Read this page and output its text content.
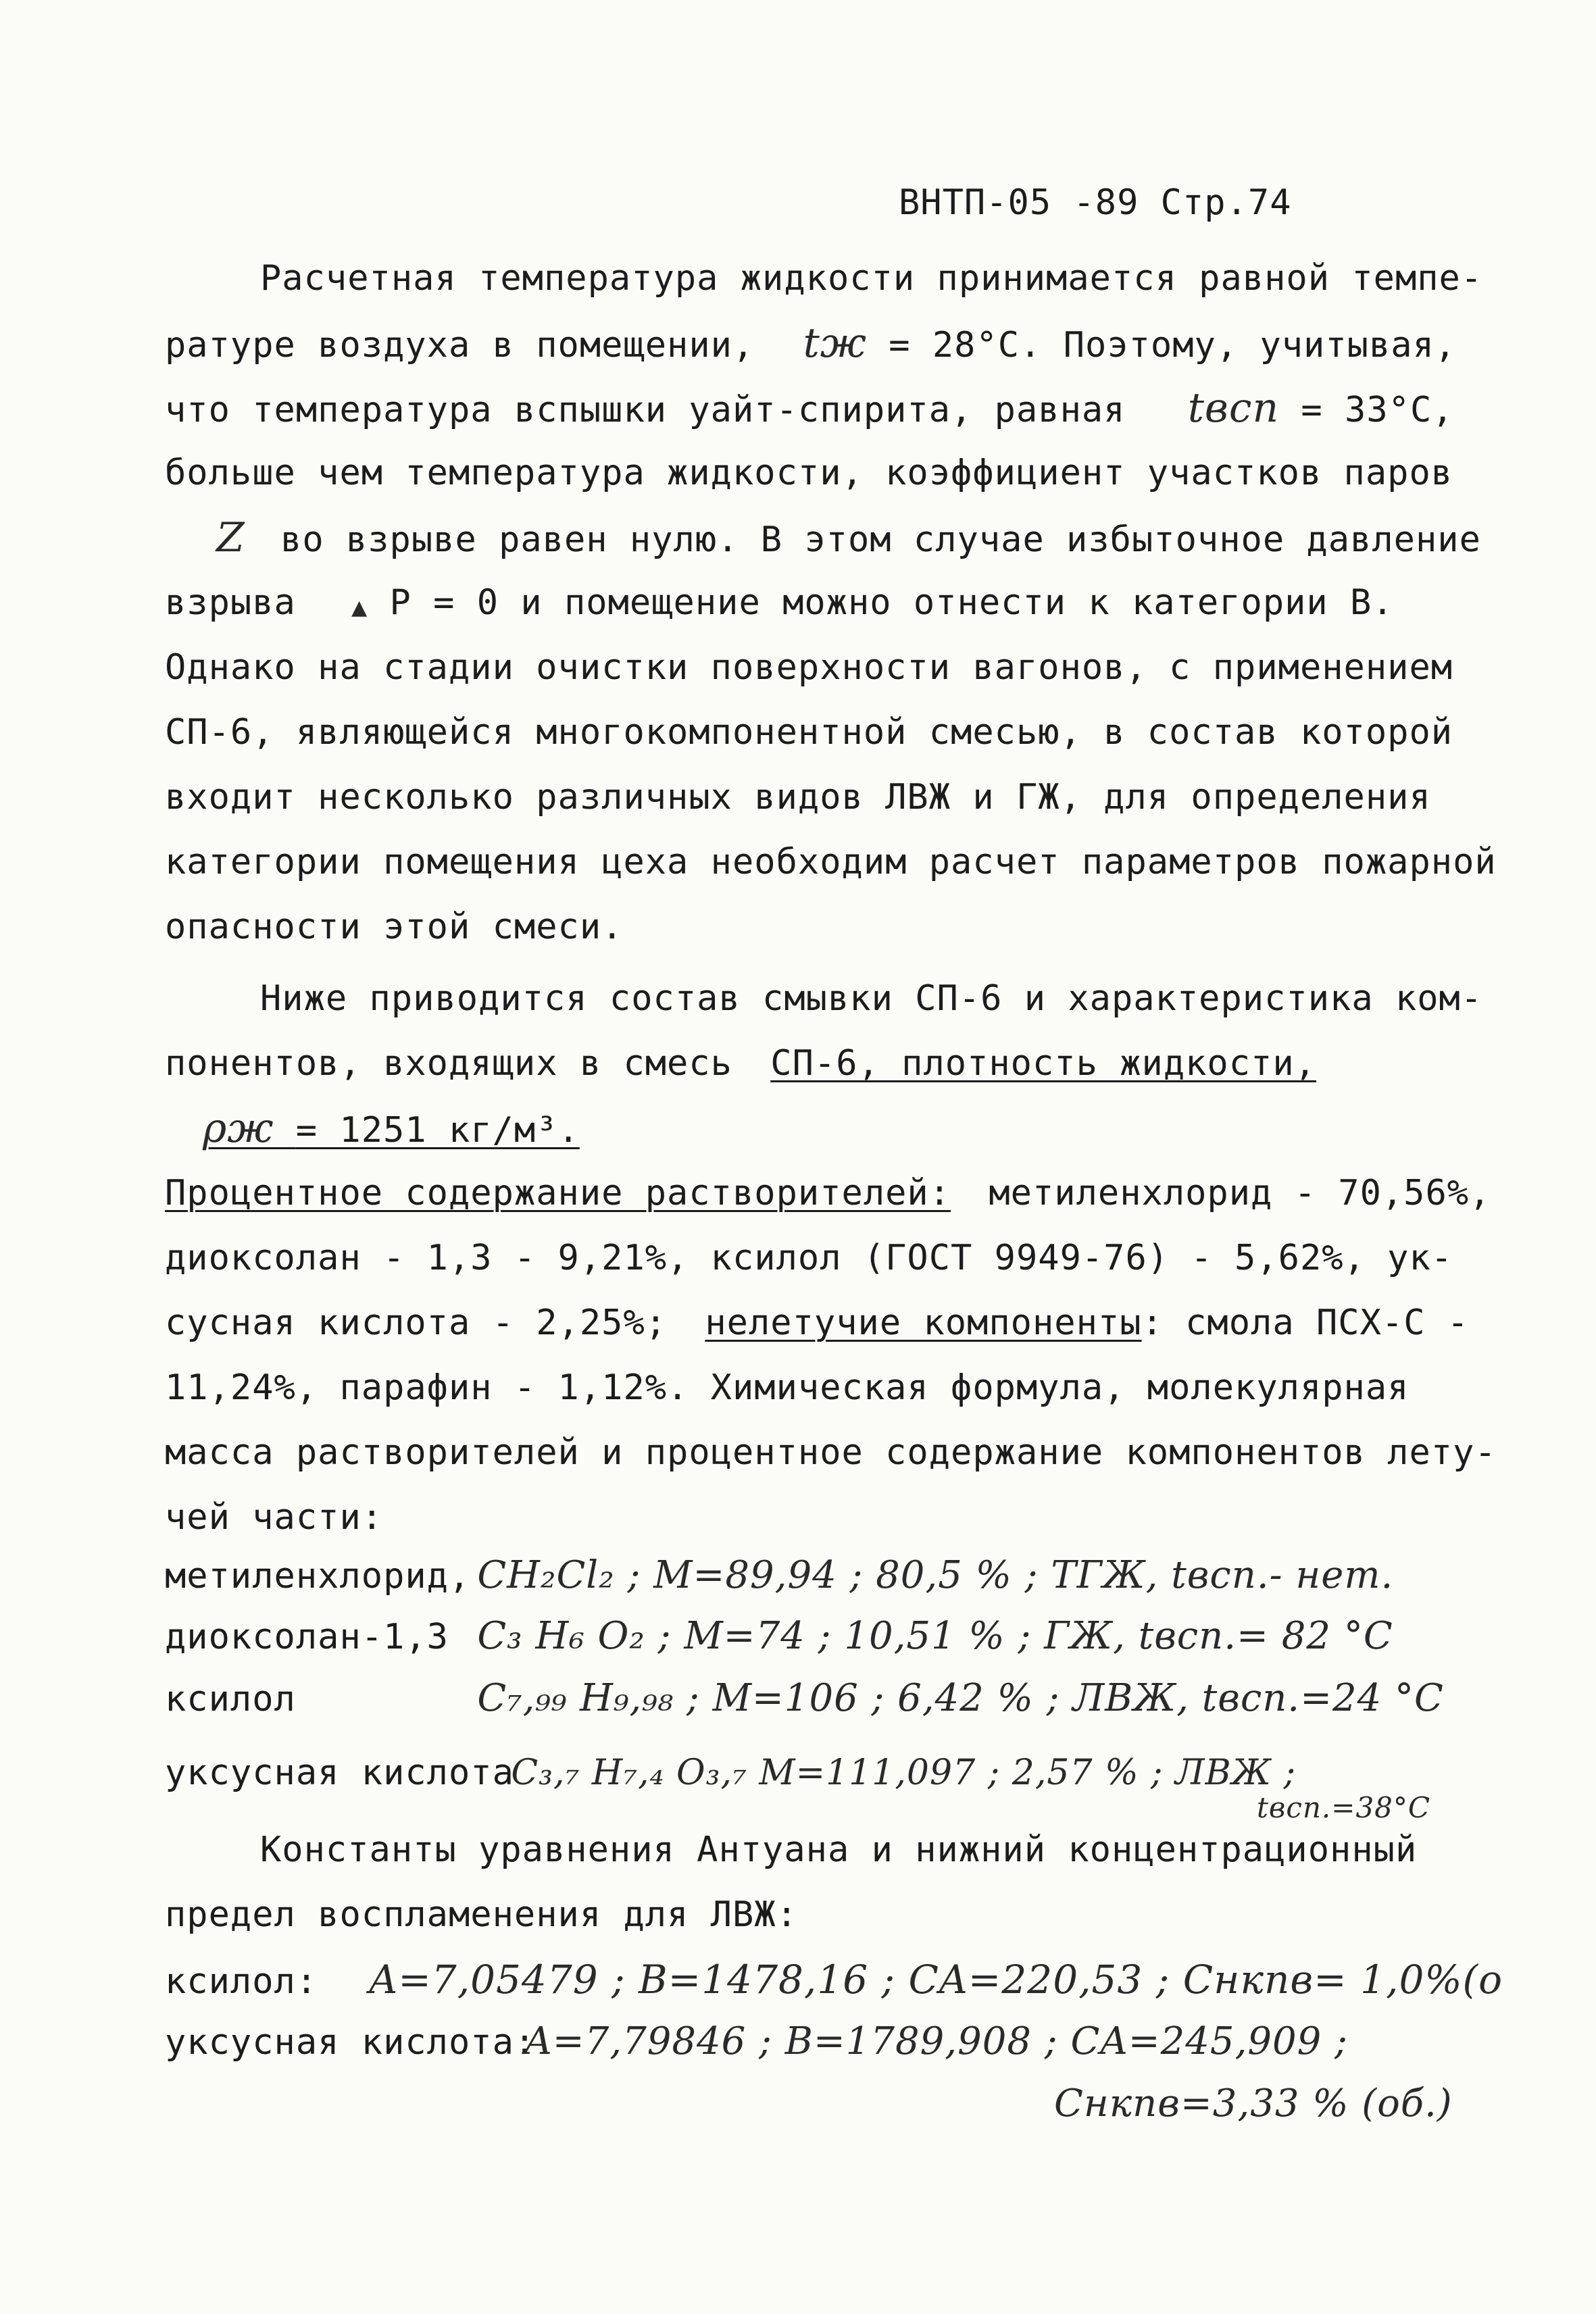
ВНТП-05 -89 Стр.74
Расчетная температура жидкости принимается равной темпе-
ратуре воздуха в помещении, tж = 28°С. Поэтому, учитывая,
что температура вспышки уайт-спирита, равная tвсп = 33°С,
больше чем температура жидкости, коэффициент участков паров
Z во взрыве равен нулю. В этом случае избыточное давление
взрыва	▲ Р = 0 и помещение можно отнести к категории В.
Однако на стадии очистки поверхности вагонов, с применением
СП-6, являющейся многокомпонентной смесью, в состав которой
входит несколько различных видов ЛВЖ и ГЖ, для определения
категории помещения цеха необходим расчет параметров пожарной
опасности этой смеси.
Ниже приводится состав смывки СП-6 и характеристика ком-
понентов, входящих в смесь СП-6, плотность жидкости,
ρж = 1251 кг/м³.
Процентное содержание растворителей: метиленхлорид - 70,56%,
диоксолан - 1,3 - 9,21%, ксилол (ГОСТ 9949-76) - 5,62%, ук-
сусная кислота - 2,25%; нелетучие компоненты: смола ПСХ-С -
11,24%, парафин - 1,12%. Химическая формула, молекулярная
масса растворителей и процентное содержание компонентов лету-
чей части:
метиленхлорид, CH₂Cl₂ ; M=89,94 ; 80,5 % ; ТГЖ, tвсп.- нет.
диоксолан-1,3 C₃ H₆ O₂ ; M=74 ; 10,51 % ; ГЖ, tвсп.= 82 °С
ксилол	C₇,₉₉ H₉,₉₈ ; M=106 ; 6,42 % ; ЛВЖ, tвсп.=24 °С
уксусная кислота C₃,₇ H₇,₄ O₃,₇ M=111,097 ; 2,57 % ; ЛВЖ ;
tвсп.=38°С
Константы уравнения Антуана и нижний концентрационный
предел воспламенения для ЛВЖ:
ксилол: A=7,05479 ; B=1478,16 ; CA=220,53 ; Cнкпв= 1,0%(о
уксусная кислота: A=7,79846 ; B=1789,908 ; CA=245,909 ;
Cнкпв=3,33 % (об.)
